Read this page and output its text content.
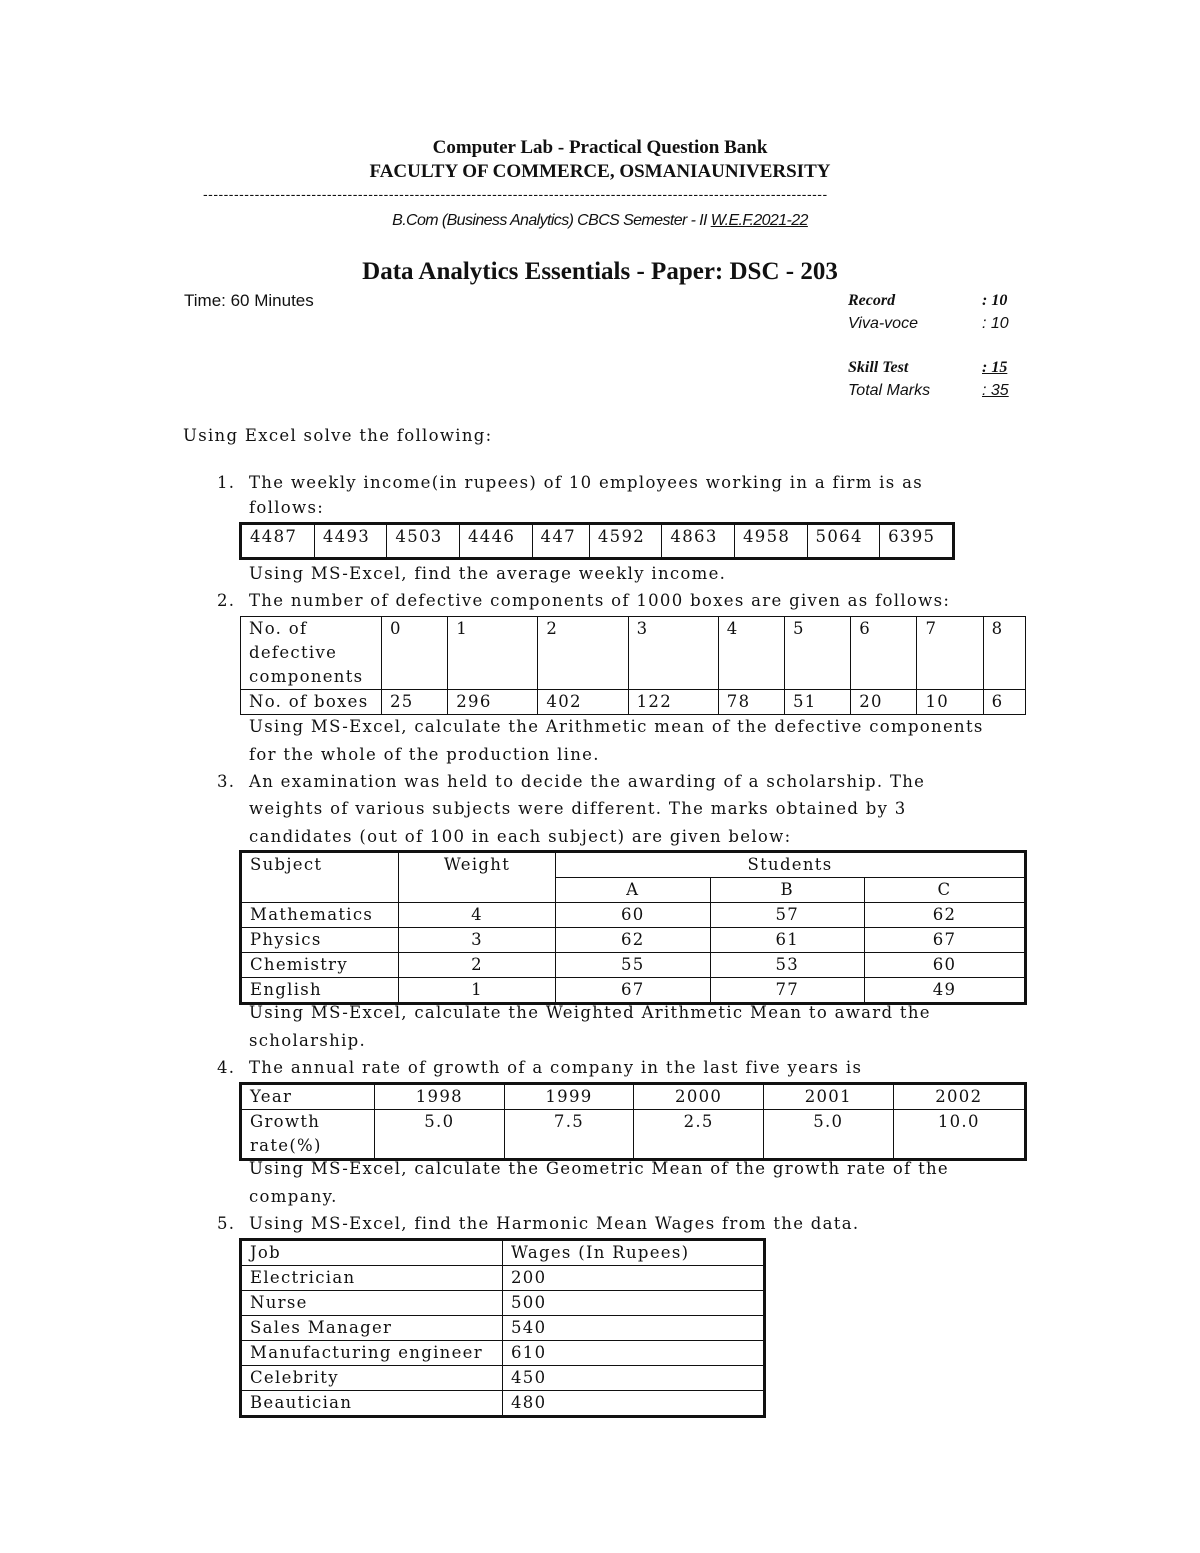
Computer Lab - Practical Question Bank
FACULTY OF COMMERCE, OSMANIAUNIVERSITY
-------------------------------------------------------------------------------------------------------------------------
B.Com (Business Analytics) CBCS Semester - II W.E.F.2021-22
Data Analytics Essentials - Paper: DSC - 203
Time: 60 Minutes	Record	: 10
Viva-voce	: 10
Skill Test	: 15
Total Marks	: 35
Using Excel solve the following:
1. The weekly income(in rupees) of 10 employees working in a firm is as
follows:
4487	4493	4503	4446	447	4592	4863	4958	5064	6395
Using MS-Excel, find the average weekly income.
2. The number of defective components of 1000 boxes are given as follows:
No. of
defective
components	0	1	2	3	4	5	6	7	8
No. of boxes	25	296	402	122	78	51	20	10	6
Using MS-Excel, calculate the Arithmetic mean of the defective components
for the whole of the production line.
3. An examination was held to decide the awarding of a scholarship. The
weights of various subjects were different. The marks obtained by 3
candidates (out of 100 in each subject) are given below:
Subject	Weight	Students		
		A	B	C
Mathematics	4	60	57	62
Physics	3	62	61	67
Chemistry	2	55	53	60
English	1	67	77	49
Using MS-Excel, calculate the Weighted Arithmetic Mean to award the
scholarship.
4. The annual rate of growth of a company in the last five years is
Year	1998	1999	2000	2001	2002
Growth
rate(%)	5.0	7.5	2.5	5.0	10.0
Using MS-Excel, calculate the Geometric Mean of the growth rate of the
company.
5. Using MS-Excel, find the Harmonic Mean Wages from the data.
Job	Wages (In Rupees)
Electrician	200
Nurse	500
Sales Manager	540
Manufacturing engineer	610
Celebrity	450
Beautician	480
